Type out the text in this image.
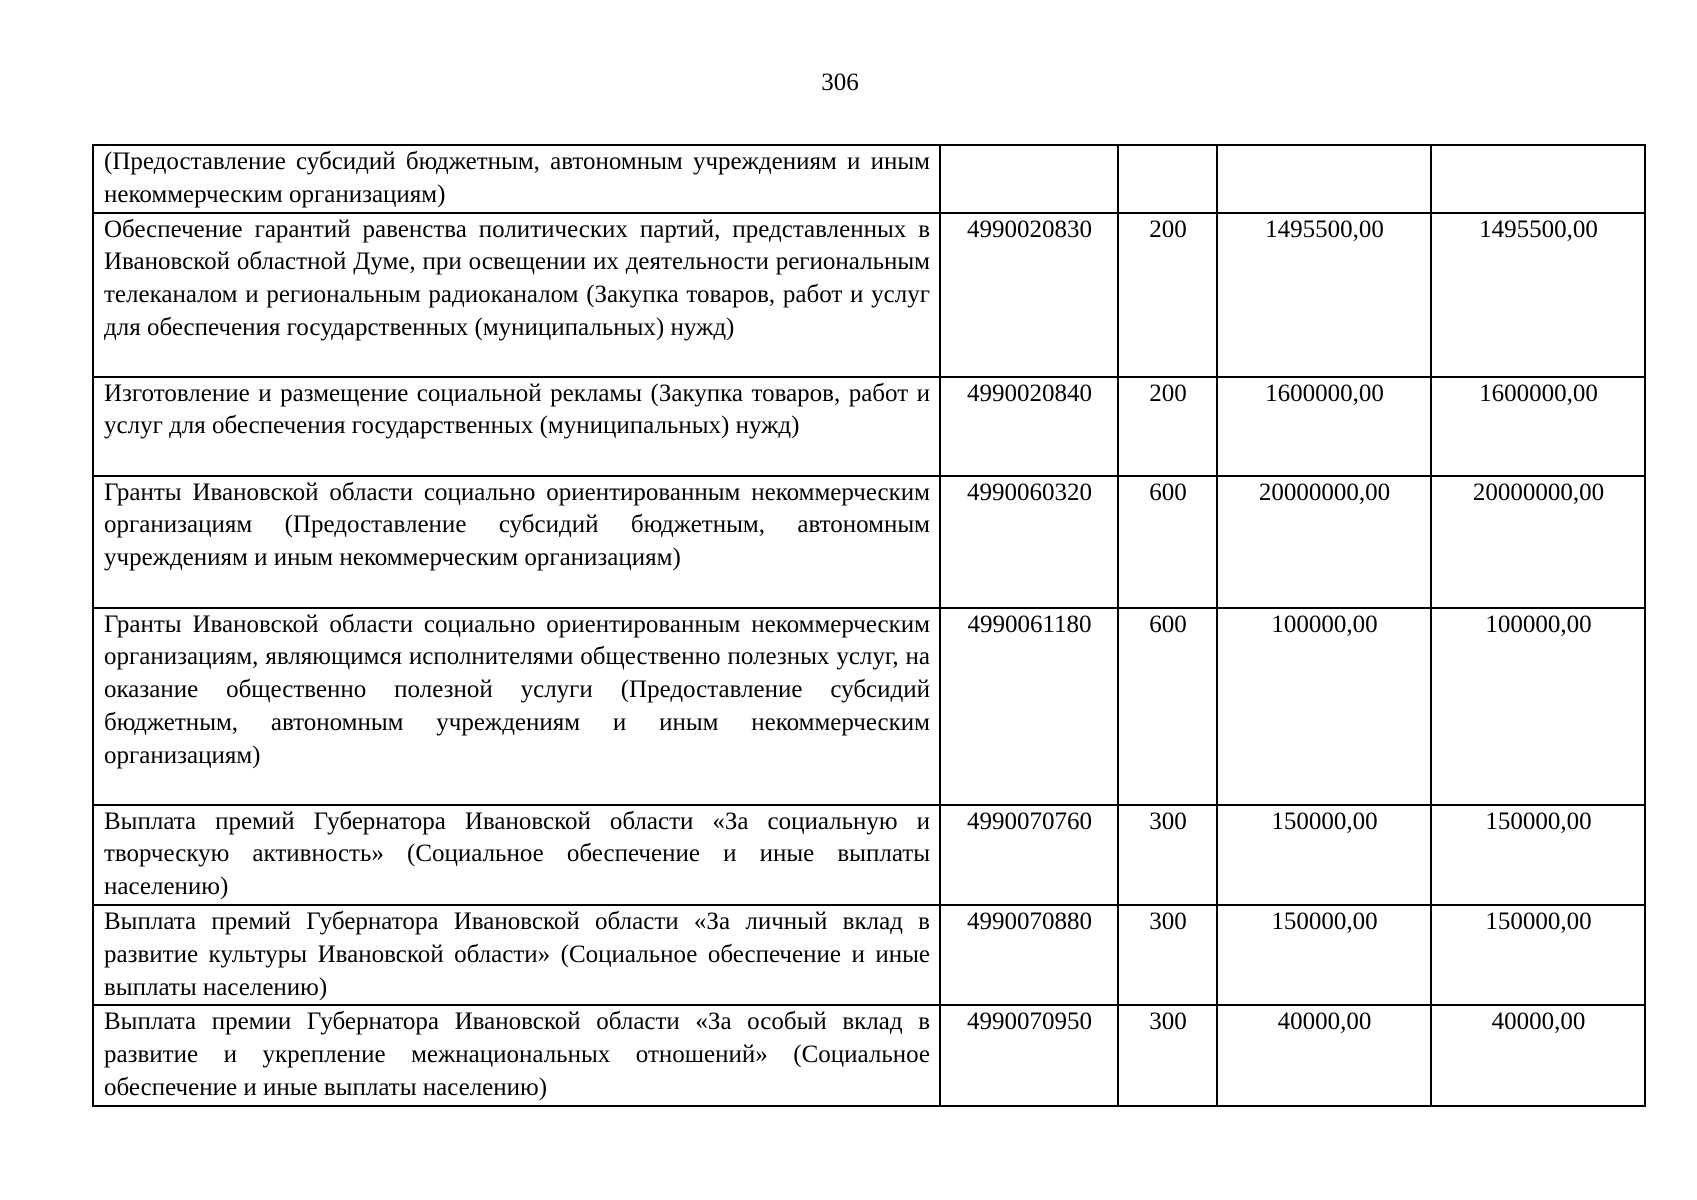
306
(Предоставление субсидий бюджетным, автономным учреждениям и иным некоммерческим организациям)				
Обеспечение гарантий равенства политических партий, представленных в Ивановской областной Думе, при освещении их деятельности региональным телеканалом и региональным радиоканалом (Закупка товаров, работ и услуг для обеспечения государственных (муниципальных) нужд)	4990020830	200	1495500,00	1495500,00
Изготовление и размещение социальной рекламы (Закупка товаров, работ и услуг для обеспечения государственных (муниципальных) нужд)	4990020840	200	1600000,00	1600000,00
Гранты Ивановской области социально ориентированным некоммерческим организациям (Предоставление субсидий бюджетным, автономным учреждениям и иным некоммерческим организациям)	4990060320	600	20000000,00	20000000,00
Гранты Ивановской области социально ориентированным некоммерческим организациям, являющимся исполнителями общественно полезных услуг, на оказание общественно полезной услуги (Предоставление субсидий бюджетным, автономным учреждениям и иным некоммерческим организациям)	4990061180	600	100000,00	100000,00
Выплата премий Губернатора Ивановской области «За социальную и творческую активность» (Социальное обеспечение и иные выплаты населению)	4990070760	300	150000,00	150000,00
Выплата премий Губернатора Ивановской области «За личный вклад в развитие культуры Ивановской области» (Социальное обеспечение и иные выплаты населению)	4990070880	300	150000,00	150000,00
Выплата премии Губернатора Ивановской области «За особый вклад в развитие и укрепление межнациональных отношений» (Социальное обеспечение и иные выплаты населению)	4990070950	300	40000,00	40000,00
